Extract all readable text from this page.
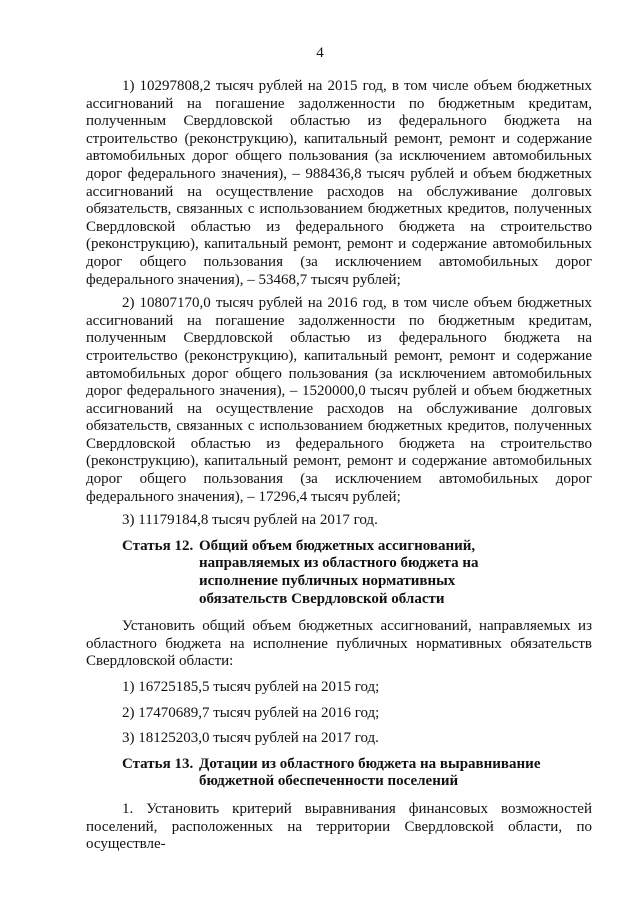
4

1) 10297808,2 тысяч рублей на 2015 год, в том числе объем бюджетных ассигнований на погашение задолженности по бюджетным кредитам, полученным Свердловской областью из федерального бюджета на строительство (реконструкцию), капитальный ремонт, ремонт и содержание автомобильных дорог общего пользования (за исключением автомобильных дорог федерального значения), – 988436,8 тысяч рублей и объем бюджетных ассигнований на осуществление расходов на обслуживание долговых обязательств, связанных с использованием бюджетных кредитов, полученных Свердловской областью из федерального бюджета на строительство (реконструкцию), капитальный ремонт, ремонт и содержание автомобильных дорог общего пользования (за исключением автомобильных дорог федерального значения), – 53468,7 тысяч рублей;

2) 10807170,0 тысяч рублей на 2016 год, в том числе объем бюджетных ассигнований на погашение задолженности по бюджетным кредитам, полученным Свердловской областью из федерального бюджета на строительство (реконструкцию), капитальный ремонт, ремонт и содержание автомобильных дорог общего пользования (за исключением автомобильных дорог федерального значения), – 1520000,0 тысяч рублей и объем бюджетных ассигнований на осуществление расходов на обслуживание долговых обязательств, связанных с использованием бюджетных кредитов, полученных Свердловской областью из федерального бюджета на строительство (реконструкцию), капитальный ремонт, ремонт и содержание автомобильных дорог общего пользования (за исключением автомобильных дорог федерального значения), – 17296,4 тысяч рублей;

3) 11179184,8 тысяч рублей на 2017 год.

Статья 12. Общий объем бюджетных ассигнований,
направляемых из областного бюджета на
исполнение публичных нормативных
обязательств Свердловской области

Установить общий объем бюджетных ассигнований, направляемых из областного бюджета на исполнение публичных нормативных обязательств Свердловской области:

1) 16725185,5 тысяч рублей на 2015 год;

2) 17470689,7 тысяч рублей на 2016 год;

3) 18125203,0 тысяч рублей на 2017 год.

Статья 13. Дотации из областного бюджета на выравнивание
бюджетной обеспеченности поселений

1. Установить критерий выравнивания финансовых возможностей поселений, расположенных на территории Свердловской области, по осуществле-
